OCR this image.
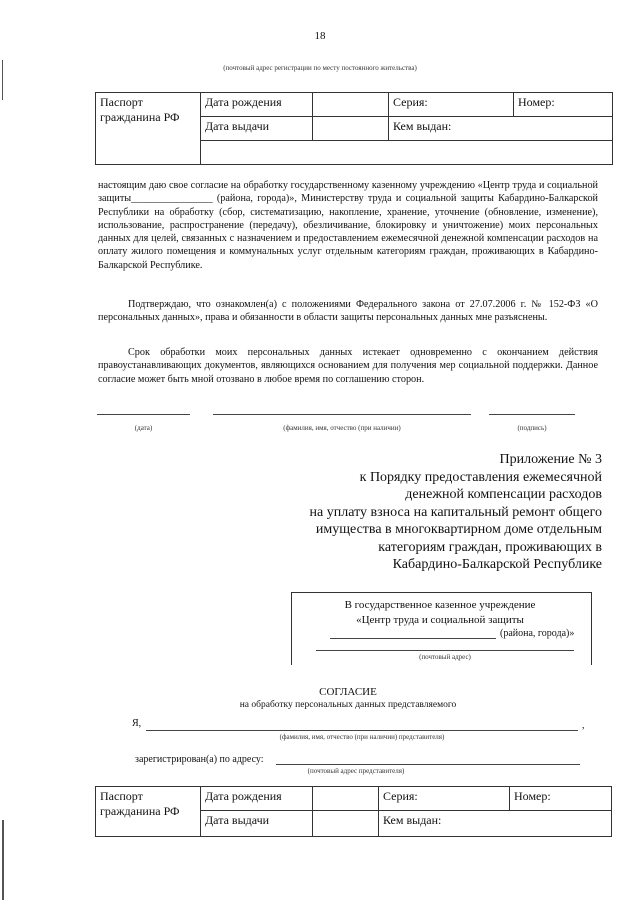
18
(почтовый адрес регистрации по месту постоянного жительства)
Паспорт гражданина РФ	Дата рождения		Серия:	Номер:
	Дата выдачи		Кем выдан:	

настоящим даю свое согласие на обработку государственному казенному учреждению «Центр труда и социальной защиты________________ (района, города)», Министерству труда и социальной защиты Кабардино-Балкарской Республики на обработку (сбор, систематизацию, накопление, хранение, уточнение (обновление, изменение), использование, распространение (передачу), обезличивание, блокировку и уничтожение) моих персональных данных для целей, связанных с назначением и предоставлением ежемесячной денежной компенсации расходов на оплату жилого помещения и коммунальных услуг отдельным категориям граждан, проживающих в Кабардино-Балкарской Республике.
Подтверждаю, что ознакомлен(а) с положениями Федерального закона от 27.07.2006 г. № 152-ФЗ «О персональных данных», права и обязанности в области защиты персональных данных мне разъяснены.
Срок обработки моих персональных данных истекает одновременно с окончанием действия правоустанавливающих документов, являющихся основанием для получения мер социальной поддержки. Данное согласие может быть мной отозвано в любое время по соглашению сторон.
(дата)	(фамилия, имя, отчество (при наличии)	(подпись)
Приложение № 3
к Порядку предоставления ежемесячной
денежной компенсации расходов
на уплату взноса на капитальный ремонт общего
имущества в многоквартирном доме отдельным
категориям граждан, проживающих в
Кабардино-Балкарской Республике
В государственное казенное учреждение
«Центр труда и социальной защиты
(района, города)»
(почтовый адрес)
СОГЛАСИЕ
на обработку персональных данных представляемого
Я,	,
(фамилия, имя, отчество (при наличии) представителя)
зарегистрирован(а) по адресу:
(почтовый адрес представителя)
Паспорт гражданина РФ	Дата рождения		Серия:	Номер:
	Дата выдачи		Кем выдан:	
